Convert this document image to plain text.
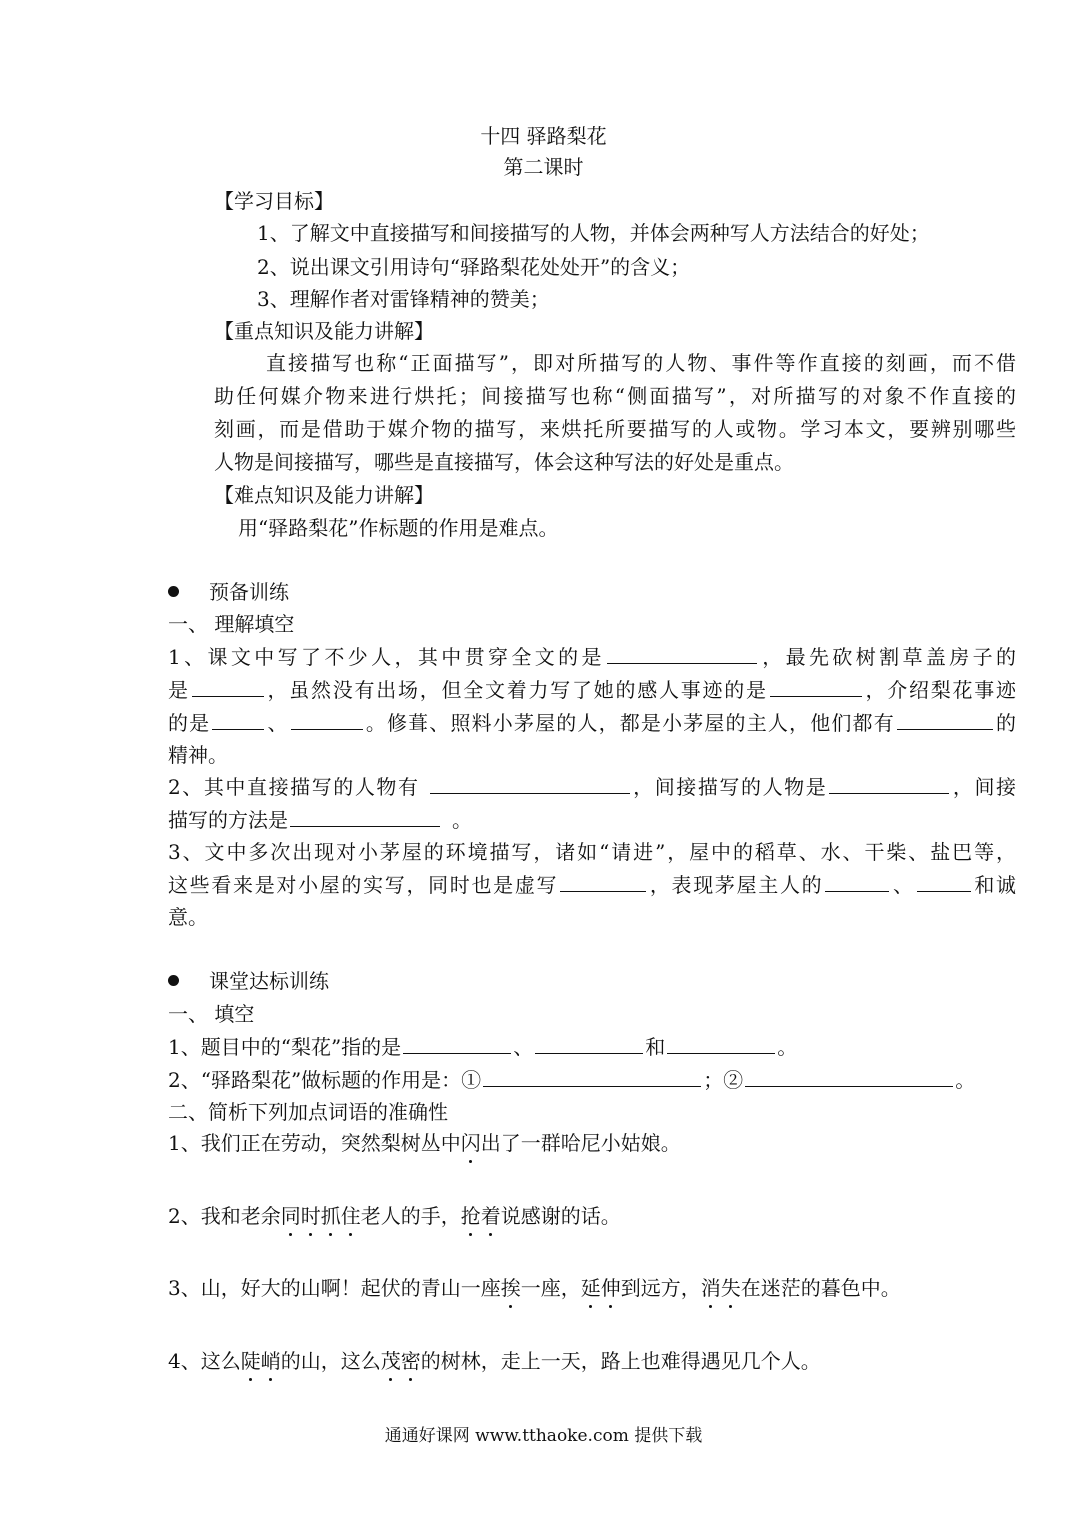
十四 驿路梨花
第二课时
【学习目标】
1、了解文中直接描写和间接描写的人物，并体会两种写人方法结合的好处；
2、说出课文引用诗句“驿路梨花处处开”的含义；
3、理解作者对雷锋精神的赞美；
【重点知识及能力讲解】
直接描写也称“正面描写”，即对所描写的人物、事件等作直接的刻画，而不借
助任何媒介物来进行烘托；间接描写也称“侧面描写”，对所描写的对象不作直接的
刻画，而是借助于媒介物的描写，来烘托所要描写的人或物。学习本文，要辨别哪些
人物是间接描写，哪些是直接描写，体会这种写法的好处是重点。
【难点知识及能力讲解】
用“驿路梨花”作标题的作用是难点。
预备训练
一、 理解填空
1、课文中写了不少人，其中贯穿全文的是	，最先砍树割草盖房子的
是	，虽然没有出场，但全文着力写了她的感人事迹的是	，介绍梨花事迹
的是	、	。修葺、照料小茅屋的人，都是小茅屋的主人，他们都有	的
精神。
2、其中直接描写的人物有	，间接描写的人物是	，间接
描写的方法是	。
3、文中多次出现对小茅屋的环境描写，诸如“请进”，屋中的稻草、水、干柴、盐巴等，
这些看来是对小屋的实写，同时也是虚写	，表现茅屋主人的	、	和诚
意。
课堂达标训练
一、 填空
1、题目中的“梨花”指的是	、	和	。
2、“驿路梨花”做标题的作用是：①	；②	。
二、简析下列加点词语的准确性
1、我们正在劳动，突然梨树丛中闪出了一群哈尼小姑娘。
2、我和老余同时抓住老人的手，抢着说感谢的话。
3、山，好大的山啊！起伏的青山一座挨一座，延伸到远方，消失在迷茫的暮色中。
4、这么陡峭的山，这么茂密的树林，走上一天，路上也难得遇见几个人。
通通好课网 www.tthaoke.com 提供下载
